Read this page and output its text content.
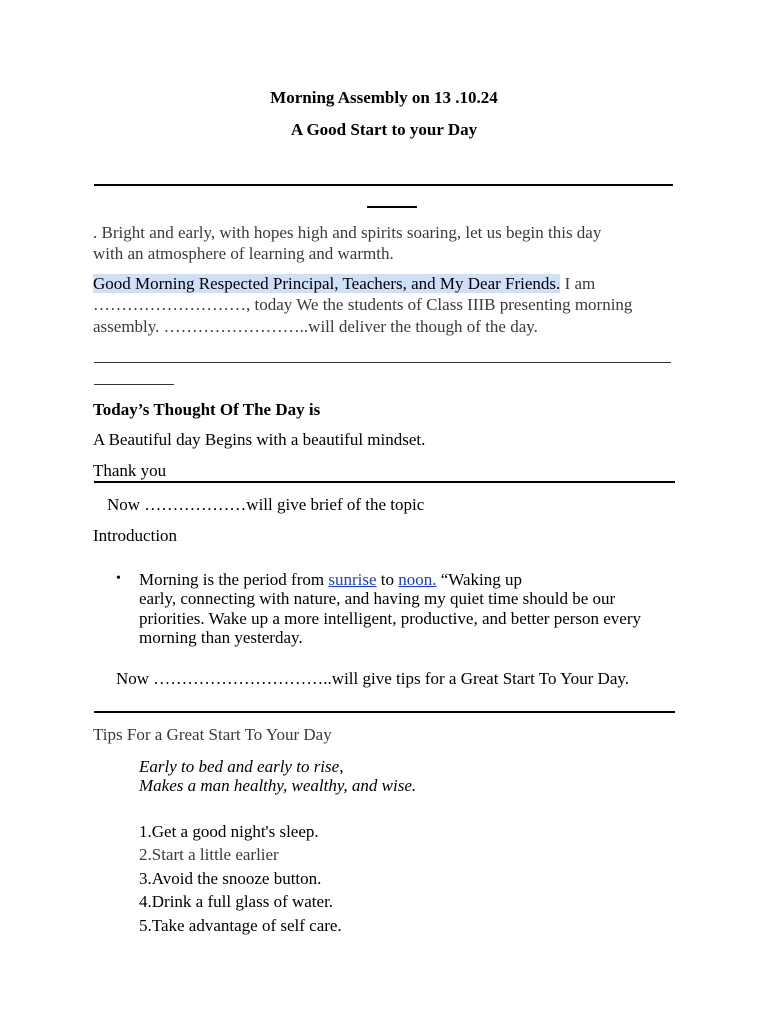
Morning Assembly on 13 .10.24
A Good Start to your Day
. Bright and early, with hopes high and spirits soaring, let us begin this day
with an atmosphere of learning and warmth.
Good Morning Respected Principal, Teachers, and My Dear Friends. I am
………………………, today We the students of Class IIIB presenting morning
assembly. ……………………..will deliver the though of the day.
Today’s Thought Of The Day is
A Beautiful day Begins with a beautiful mindset.
Thank you
Now ………………will give brief of the topic
Introduction
• Morning is the period from sunrise to noon. “Waking up
early, connecting with nature, and having my quiet time should be our
priorities. Wake up a more intelligent, productive, and better person every
morning than yesterday.
Now …………………………..will give tips for a Great Start To Your Day.
Tips For a Great Start To Your Day
Early to bed and early to rise,
Makes a man healthy, wealthy, and wise.
1.Get a good night's sleep.
2.Start a little earlier
3.Avoid the snooze button.
4.Drink a full glass of water.
5.Take advantage of self care.
